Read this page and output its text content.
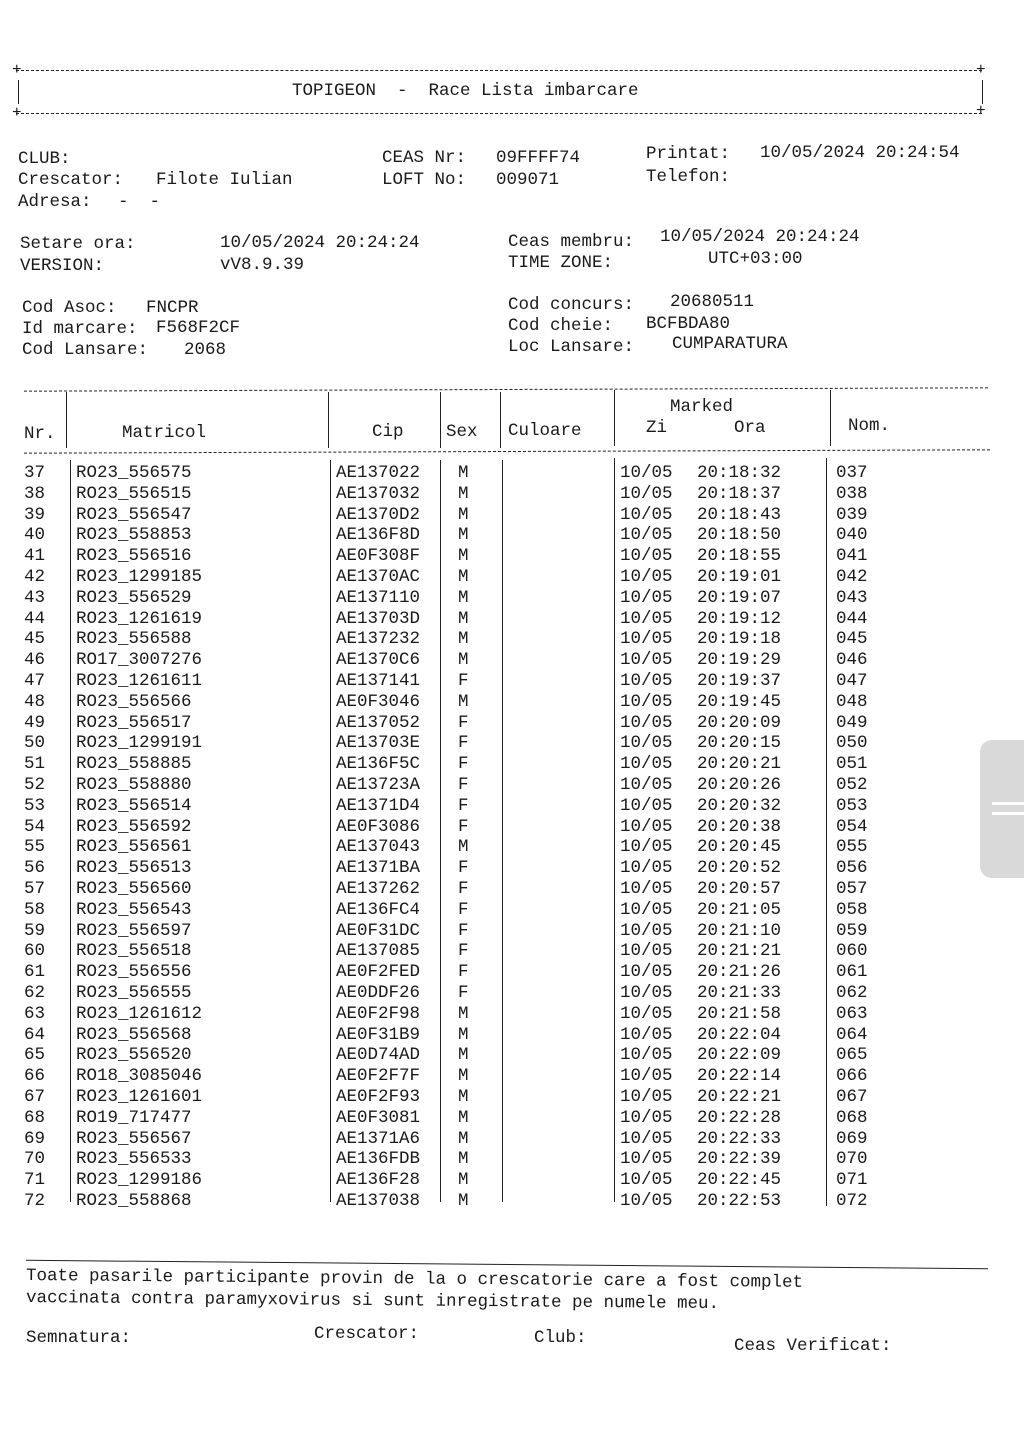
+	+
TOPIGEON  -  Race Lista imbarcare
+	+
CLUB:
Crescator: Filote Iulian
Adresa: -  -
CEAS Nr: 09FFFF74
LOFT No: 009071
Printat: 10/05/2024 20:24:54
Telefon:
Setare ora:	10/05/2024 20:24:24
VERSION:	vV8.9.39
Ceas membru: 10/05/2024 20:24:24
TIME ZONE:	UTC+03:00
Cod Asoc: FNCPR
Id marcare: F568F2CF
Cod Lansare: 2068
Cod concurs: 20680511
Cod cheie: BCFBDA80
Loc Lansare: CUMPARATURA
Nr.	Matricol	Cip Sex Culoare
Marked
Zi	Ora	Nom.
37 RO23_556575	AE137022 M	10/05 20:18:32	037
38 RO23_556515	AE137032 M	10/05 20:18:37	038
39 RO23_556547	AE1370D2 M	10/05 20:18:43	039
40 RO23_558853	AE136F8D M	10/05 20:18:50	040
41 RO23_556516	AE0F308F M	10/05 20:18:55	041
42 RO23_1299185	AE1370AC M	10/05 20:19:01	042
43 RO23_556529	AE137110 M	10/05 20:19:07	043
44 RO23_1261619	AE13703D M	10/05 20:19:12	044
45 RO23_556588	AE137232 M	10/05 20:19:18	045
46 RO17_3007276	AE1370C6 M	10/05 20:19:29	046
47 RO23_1261611	AE137141 F	10/05 20:19:37	047
48 RO23_556566	AE0F3046 M	10/05 20:19:45	048
49 RO23_556517	AE137052 F	10/05 20:20:09	049
50 RO23_1299191	AE13703E F	10/05 20:20:15	050
51 RO23_558885	AE136F5C F	10/05 20:20:21	051
52 RO23_558880	AE13723A F	10/05 20:20:26	052
53 RO23_556514	AE1371D4 F	10/05 20:20:32	053
54 RO23_556592	AE0F3086 F	10/05 20:20:38	054
55 RO23_556561	AE137043 M	10/05 20:20:45	055
56 RO23_556513	AE1371BA F	10/05 20:20:52	056
57 RO23_556560	AE137262 F	10/05 20:20:57	057
58 RO23_556543	AE136FC4 F	10/05 20:21:05	058
59 RO23_556597	AE0F31DC F	10/05 20:21:10	059
60 RO23_556518	AE137085 F	10/05 20:21:21	060
61 RO23_556556	AE0F2FED F	10/05 20:21:26	061
62 RO23_556555	AE0DDF26 F	10/05 20:21:33	062
63 RO23_1261612	AE0F2F98 M	10/05 20:21:58	063
64 RO23_556568	AE0F31B9 M	10/05 20:22:04	064
65 RO23_556520	AE0D74AD M	10/05 20:22:09	065
66 RO18_3085046	AE0F2F7F M	10/05 20:22:14	066
67 RO23_1261601	AE0F2F93 M	10/05 20:22:21	067
68 RO19_717477	AE0F3081 M	10/05 20:22:28	068
69 RO23_556567	AE1371A6 M	10/05 20:22:33	069
70 RO23_556533	AE136FDB M	10/05 20:22:39	070
71 RO23_1299186	AE136F28 M	10/05 20:22:45	071
72 RO23_558868	AE137038 M	10/05 20:22:53	072
Toate pasarile participante provin de la o crescatorie care a fost complet
vaccinata contra paramyxovirus si sunt inregistrate pe numele meu.
Semnatura:	Crescator:	Club:	Ceas Verificat:
